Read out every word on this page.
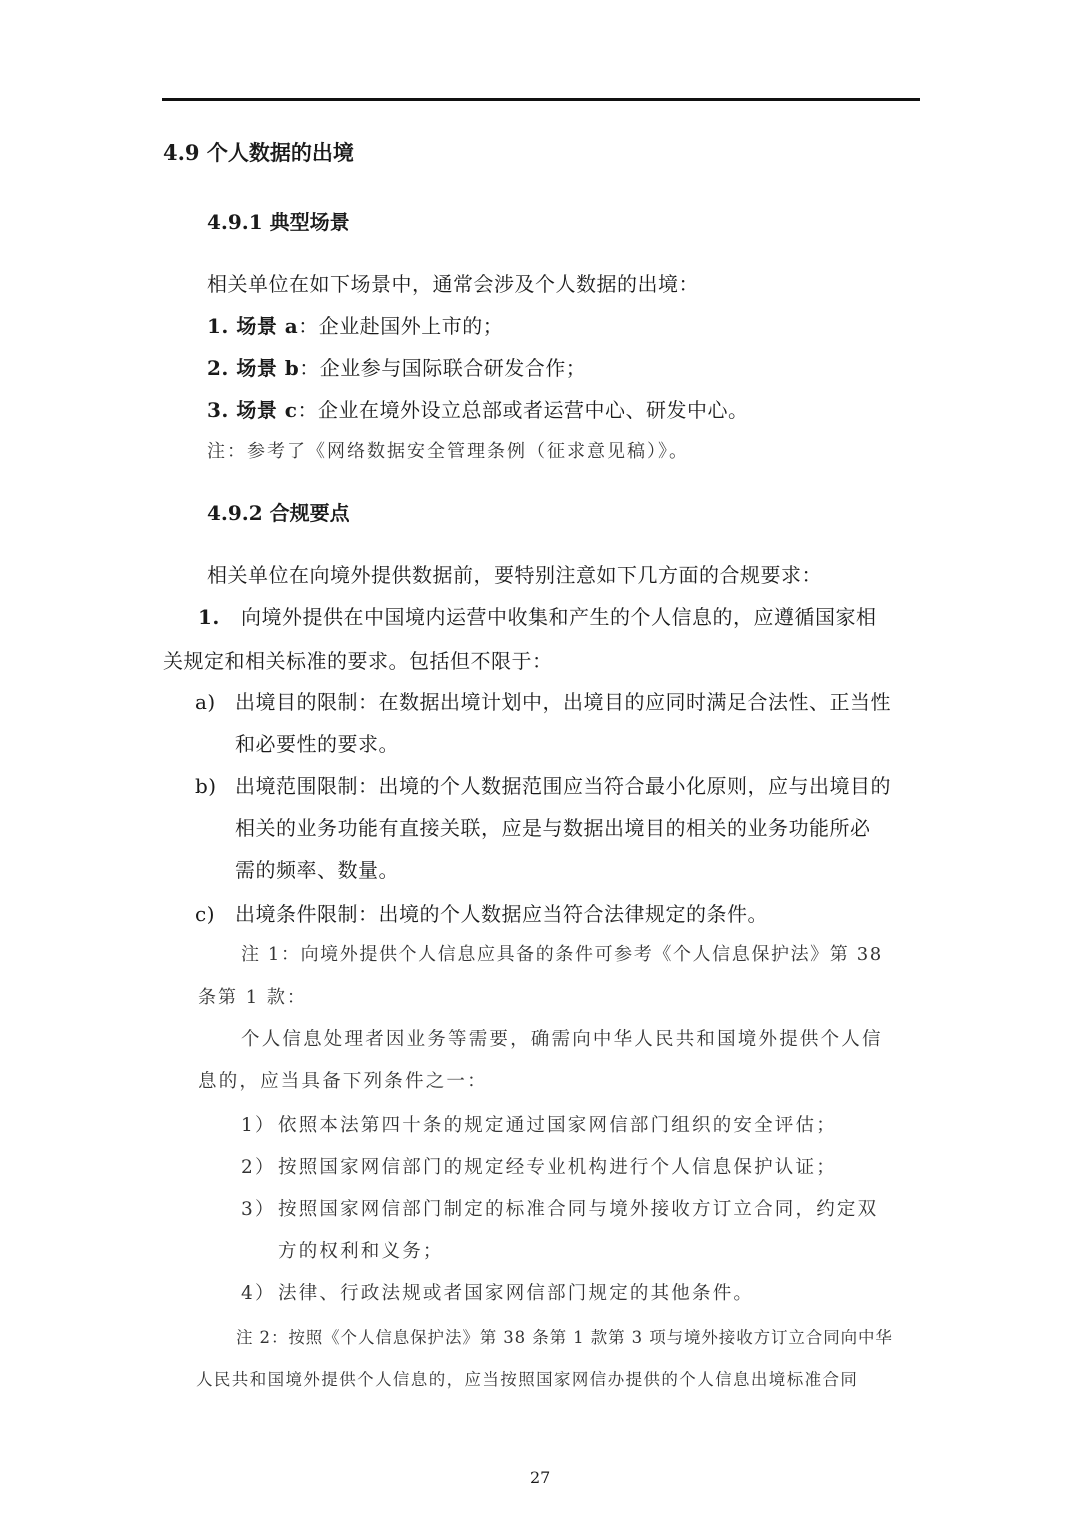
4.9 个人数据的出境
4.9.1 典型场景
相关单位在如下场景中，通常会涉及个人数据的出境：
1. 场景 a：企业赴国外上市的；
2. 场景 b：企业参与国际联合研发合作；
3. 场景 c：企业在境外设立总部或者运营中心、研发中心。
注：参考了《网络数据安全管理条例（征求意见稿）》。
4.9.2 合规要点
相关单位在向境外提供数据前，要特别注意如下几方面的合规要求：
1. 向境外提供在中国境内运营中收集和产生的个人信息的，应遵循国家相
关规定和相关标准的要求。包括但不限于：
a) 出境目的限制：在数据出境计划中，出境目的应同时满足合法性、正当性
和必要性的要求。
b) 出境范围限制：出境的个人数据范围应当符合最小化原则，应与出境目的
相关的业务功能有直接关联，应是与数据出境目的相关的业务功能所必
需的频率、数量。
c) 出境条件限制：出境的个人数据应当符合法律规定的条件。
注 1：向境外提供个人信息应具备的条件可参考《个人信息保护法》第 38
条第 1 款：
个人信息处理者因业务等需要，确需向中华人民共和国境外提供个人信
息的，应当具备下列条件之一：
1） 依照本法第四十条的规定通过国家网信部门组织的安全评估；
2） 按照国家网信部门的规定经专业机构进行个人信息保护认证；
3） 按照国家网信部门制定的标准合同与境外接收方订立合同，约定双
方的权利和义务；
4） 法律、行政法规或者国家网信部门规定的其他条件。
注 2：按照《个人信息保护法》第 38 条第 1 款第 3 项与境外接收方订立合同向中华
人民共和国境外提供个人信息的，应当按照国家网信办提供的个人信息出境标准合同
27
